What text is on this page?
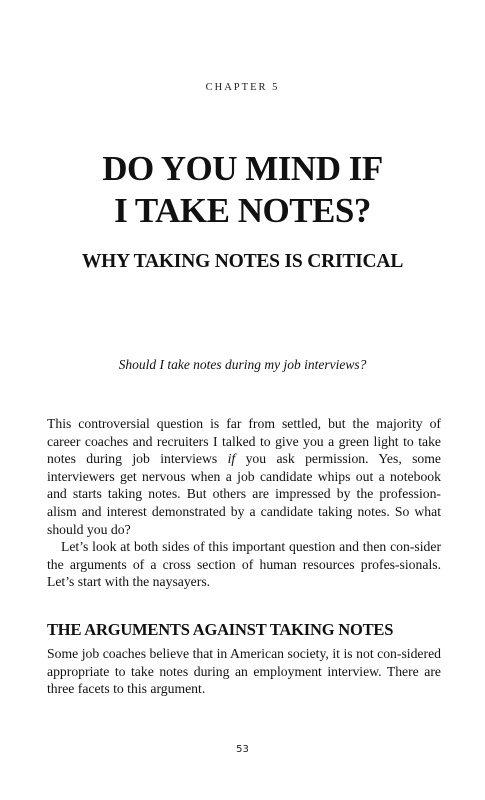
CHAPTER 5
DO YOU MIND IF
I TAKE NOTES?
WHY TAKING NOTES IS CRITICAL
Should I take notes during my job interviews?

This controversial question is far from settled, but the majority of career coaches and recruiters I talked to give you a green light to take notes during job interviews if you ask permission. Yes, some interviewers get nervous when a job candidate whips out a notebook and starts taking notes. But others are impressed by the profession-alism and interest demonstrated by a candidate taking notes. So what should you do?

Let’s look at both sides of this important question and then con-sider the arguments of a cross section of human resources profes-sionals. Let’s start with the naysayers.

THE ARGUMENTS AGAINST TAKING NOTES

Some job coaches believe that in American society, it is not con-sidered appropriate to take notes during an employment interview. There are three facets to this argument.

53
